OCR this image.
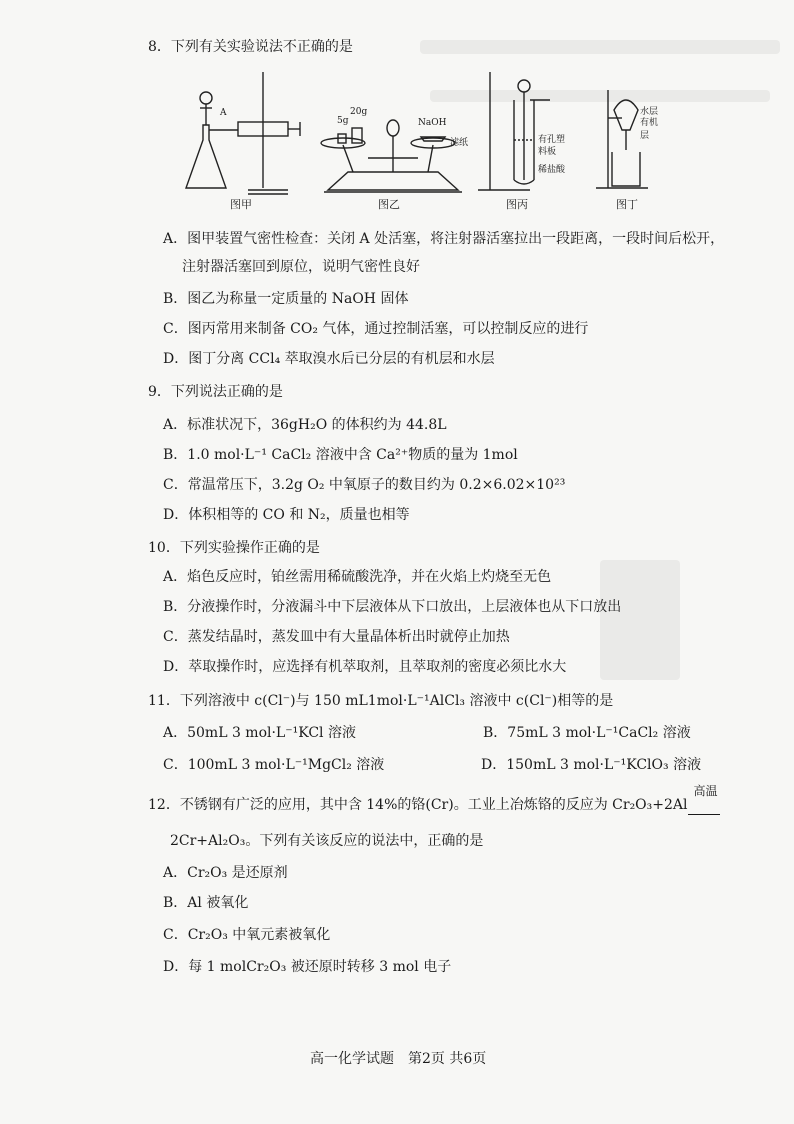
8．下列有关实验说法不正确的是
A
5g
20g
NaOH
滤纸	有孔塑
料板
稀盐酸
水层
有机层
图甲	图乙	图丙	图丁
A．图甲装置气密性检查：关闭 A 处活塞，将注射器活塞拉出一段距离，一段时间后松开，
注射器活塞回到原位，说明气密性良好
B．图乙为称量一定质量的 NaOH 固体
C．图丙常用来制备 CO₂ 气体，通过控制活塞，可以控制反应的进行
D．图丁分离 CCl₄ 萃取溴水后已分层的有机层和水层
9．下列说法正确的是
A．标准状况下，36gH₂O 的体积约为 44.8L
B．1.0 mol·L⁻¹ CaCl₂ 溶液中含 Ca²⁺物质的量为 1mol
C．常温常压下，3.2g O₂ 中氧原子的数目约为 0.2×6.02×10²³
D．体积相等的 CO 和 N₂，质量也相等
10．下列实验操作正确的是
A．焰色反应时，铂丝需用稀硫酸洗净，并在火焰上灼烧至无色
B．分液操作时，分液漏斗中下层液体从下口放出，上层液体也从下口放出
C．蒸发结晶时，蒸发皿中有大量晶体析出时就停止加热
D．萃取操作时，应选择有机萃取剂，且萃取剂的密度必须比水大
11．下列溶液中 c(Cl⁻)与 150 mL1mol·L⁻¹AlCl₃ 溶液中 c(Cl⁻)相等的是
A．50mL 3 mol·L⁻¹KCl 溶液	B．75mL 3 mol·L⁻¹CaCl₂ 溶液
C．100mL 3 mol·L⁻¹MgCl₂ 溶液	D．150mL 3 mol·L⁻¹KClO₃ 溶液
12．不锈钢有广泛的应用，其中含 14%的铬(Cr)。工业上冶炼铬的反应为 Cr₂O₃+2Al
高温

2Cr+Al₂O₃。下列有关该反应的说法中，正确的是
A．Cr₂O₃ 是还原剂
B．Al 被氧化
C．Cr₂O₃ 中氧元素被氧化
D．每 1 molCr₂O₃ 被还原时转移 3 mol 电子
高一化学试题　第2页 共6页
